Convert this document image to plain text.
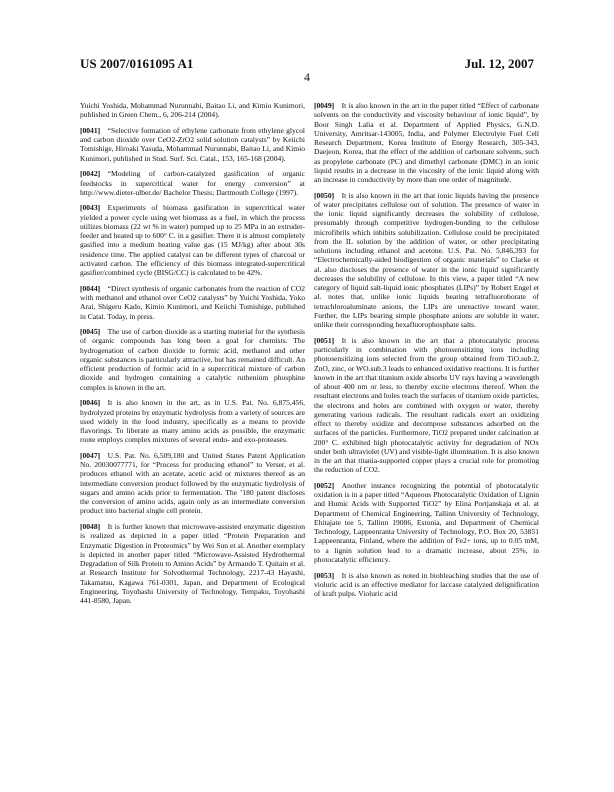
US 2007/0161095 A1	Jul. 12, 2007
4

Yuichi Yoshida, Mohammad Nurunnabi, Baitao Li, and Kimio Kunimori, published in Green Chem., 6, 206-214 (2004).

[0041]  “Selective formation of ethylene carbonate from ethylene glycol and carbon dioxide over CeO2-ZrO2 solid solution catalysts” by Keiichi Tomishige, Hiroaki Yasuda, Mohammad Nurunnabi, Baitao Li, and Kimio Kunimori, published in Stud. Surf. Sci. Catal., 153, 165-168 (2004).

[0042]  “Modeling of carbon-catalyzed gasification of organic feedstocks in supercritical water for energy conversion” at http://www.dieter-ulber.de/ Bachelor Thesis; Dartmouth College (1997).

[0043]  Experiments of biomass gasification in supercritical water yielded a power cycle using wet biomass as a fuel, in which the process utilizes biomass (22 wt % in water) pumped up to 25 MPa in an extruder-feeder and heated up to 600° C. in a gasifier. There it is almost completely gasified into a medium heating value gas (15 MJ/kg) after about 30s residence time. The applied catalyst can be different types of charcoal or activated carbon. The efficiency of this biomass integrated-supercritical gasifier/combined cycle (BISG/CC) is calculated to be 42%.

[0044]  “Direct synthesis of organic carbonates from the reaction of CO2 with methanol and ethanol over CeO2 catalysts” by Yuichi Yoshida, Yoko Arai, Shigeru Kado, Kimio Kunimori, and Keiichi Tomishige, published in Catal. Today, in press.

[0045]  The use of carbon dioxide as a starting material for the synthesis of organic compounds has long been a goal for chemists. The hydrogenation of carbon dioxide to formic acid, methanol and other organic substances is particularly attractive, but has remained difficult. An efficient production of formic acid in a supercritical mixture of carbon dioxide and hydrogen containing a catalytic ruthenium phosphine complex is known in the art.

[0046]  It is also known in the art, as in U.S. Pat. No. 6,875,456, hydrolyzed proteins by enzymatic hydrolysis from a variety of sources are used widely in the food industry, specifically as a means to provide flavorings. To liberate as many amino acids as possible, the enzymatic route employs complex mixtures of several endo- and exo-proteases.

[0047]  U.S. Pat. No. 6,509,180 and United States Patent Application No. 20030077771, for “Process for producing ethanol” to Verser, et al. produces ethanol with an acetate, acetic acid or mixtures thereof as an intermediate conversion product followed by the enzymatic hydrolysis of sugars and amino acids prior to fermentation. The ’180 patent discloses the conversion of amino acids, again only as an intermediate conversion product into bacterial single cell protein.

[0048]  It is further known that microwave-assisted enzymatic digestion is realized as depicted in a paper titled “Protein Preparation and Enzymatic Digestion in Proteomics” by Wei Sun et al. Another exemplary is depicted in another paper titled “Microwave-Assisted Hydrothermal Degradation of Silk Protein to Amino Acids” by Armando T. Quitain et al. at Research Institute for Solvothermal Technology, 2217-43 Hayashi, Takamatsu, Kagawa 761-0301, Japan, and Department of Ecological Engineering, Toyohashi University of Technology, Tempaku, Toyohashi 441-8580, Japan.

[0049]  It is also known in the art in the paper titled “Effect of carbonate solvents on the conductivity and viscosity behaviour of ionic liquid”, by Boor Singh Lalia et al. Department of Applied Physics, G.N.D. University, Amritsar-143005, India, and Polymer Electrolyte Fuel Cell Research Department, Korea Institute of Energy Research, 305-343, Daejeon, Korea, that the effect of the addition of carbonate solvents, such as propylene carbonate (PC) and dimethyl carbonate (DMC) in an ionic liquid results in a decrease in the viscosity of the ionic liquid along with an increase in conductivity by more than one order of magnitude.

[0050]  It is also known in the art that ionic liquids having the presence of water precipitates cellulose out of solution. The presence of water in the ionic liquid significantly decreases the solubility of cellulose, presumably through competitive hydrogen-bonding to the cellulose microfibrils which inhibits solubilization. Cellulose could be precipitated from the IL solution by the addition of water, or other precipitating solutions including ethanol and acetone. U.S. Pat. No. 5,846,393 for “Electrochemically-aided biodigestion of organic materials” to Clarke et al. also discloses the presence of water in the ionic liquid significantly decreases the solubility of cellulose. In this view, a paper titled “A new category of liquid salt-liquid ionic phosphates (LIPs)” by Robert Engel et al. notes that, unlike ionic liquids bearing tetrafluoroborate of tetrachloroaluminate anions, the LIPs are unreactive toward water. Further, the LIPs bearing simple phosphate anions are soluble in water, unlike their corresponding hexafluorophosphate salts.

[0051]  It is also known in the art that a photocatalytic process particularly in combination with photosensitizing ions including photosensitizing ions selected from the group obtained from TiO.sub.2, ZnO, zinc, or WO.sub.3 leads to enhanced oxidative reactions. It is further known in the art that titanium oxide absorbs UV rays having a wavelength of about 400 nm or less, to thereby excite electrons thereof. When the resultant electrons and holes reach the surfaces of titanium oxide particles, the electrons and holes are combined with oxygen or water, thereby generating various radicals. The resultant radicals exert an oxidizing effect to thereby oxidize and decompose substances adsorbed on the surfaces of the particles. Furthermore, TiO2 prepared under calcination at 200° C. exhibited high photocatalytic activity for degradation of NOx under both ultraviolet (UV) and visible-light illumination. It is also known in the art that titania-supported copper plays a crucial role for promoting the reduction of CO2.

[0052]  Another instance recognizing the potential of photocatalytic oxidation is in a paper titled “Aqueous Photocatalytic Oxidation of Lignin and Humic Acids with Supported TiO2” by Elina Portjanskaja et al. at Department of Chemical Engineering, Tallinn University of Technology, Ehitajate tee 5, Tallinn 19086, Estonia, and Department of Chemical Technology, Lappeenranta University of Technology, P.O. Box 20, 53851 Lappeenranta, Finland, where the addition of Fe2+ ions, up to 0.05 mM, to a lignin solution lead to a dramatic increase, about 25%, in photocatalytic efficiency.

[0053]  It is also known as noted in biobleaching studies that the use of violuric acid is an effective mediator for laccase catalyzed delignification of kraft pulps. Violuric acid
